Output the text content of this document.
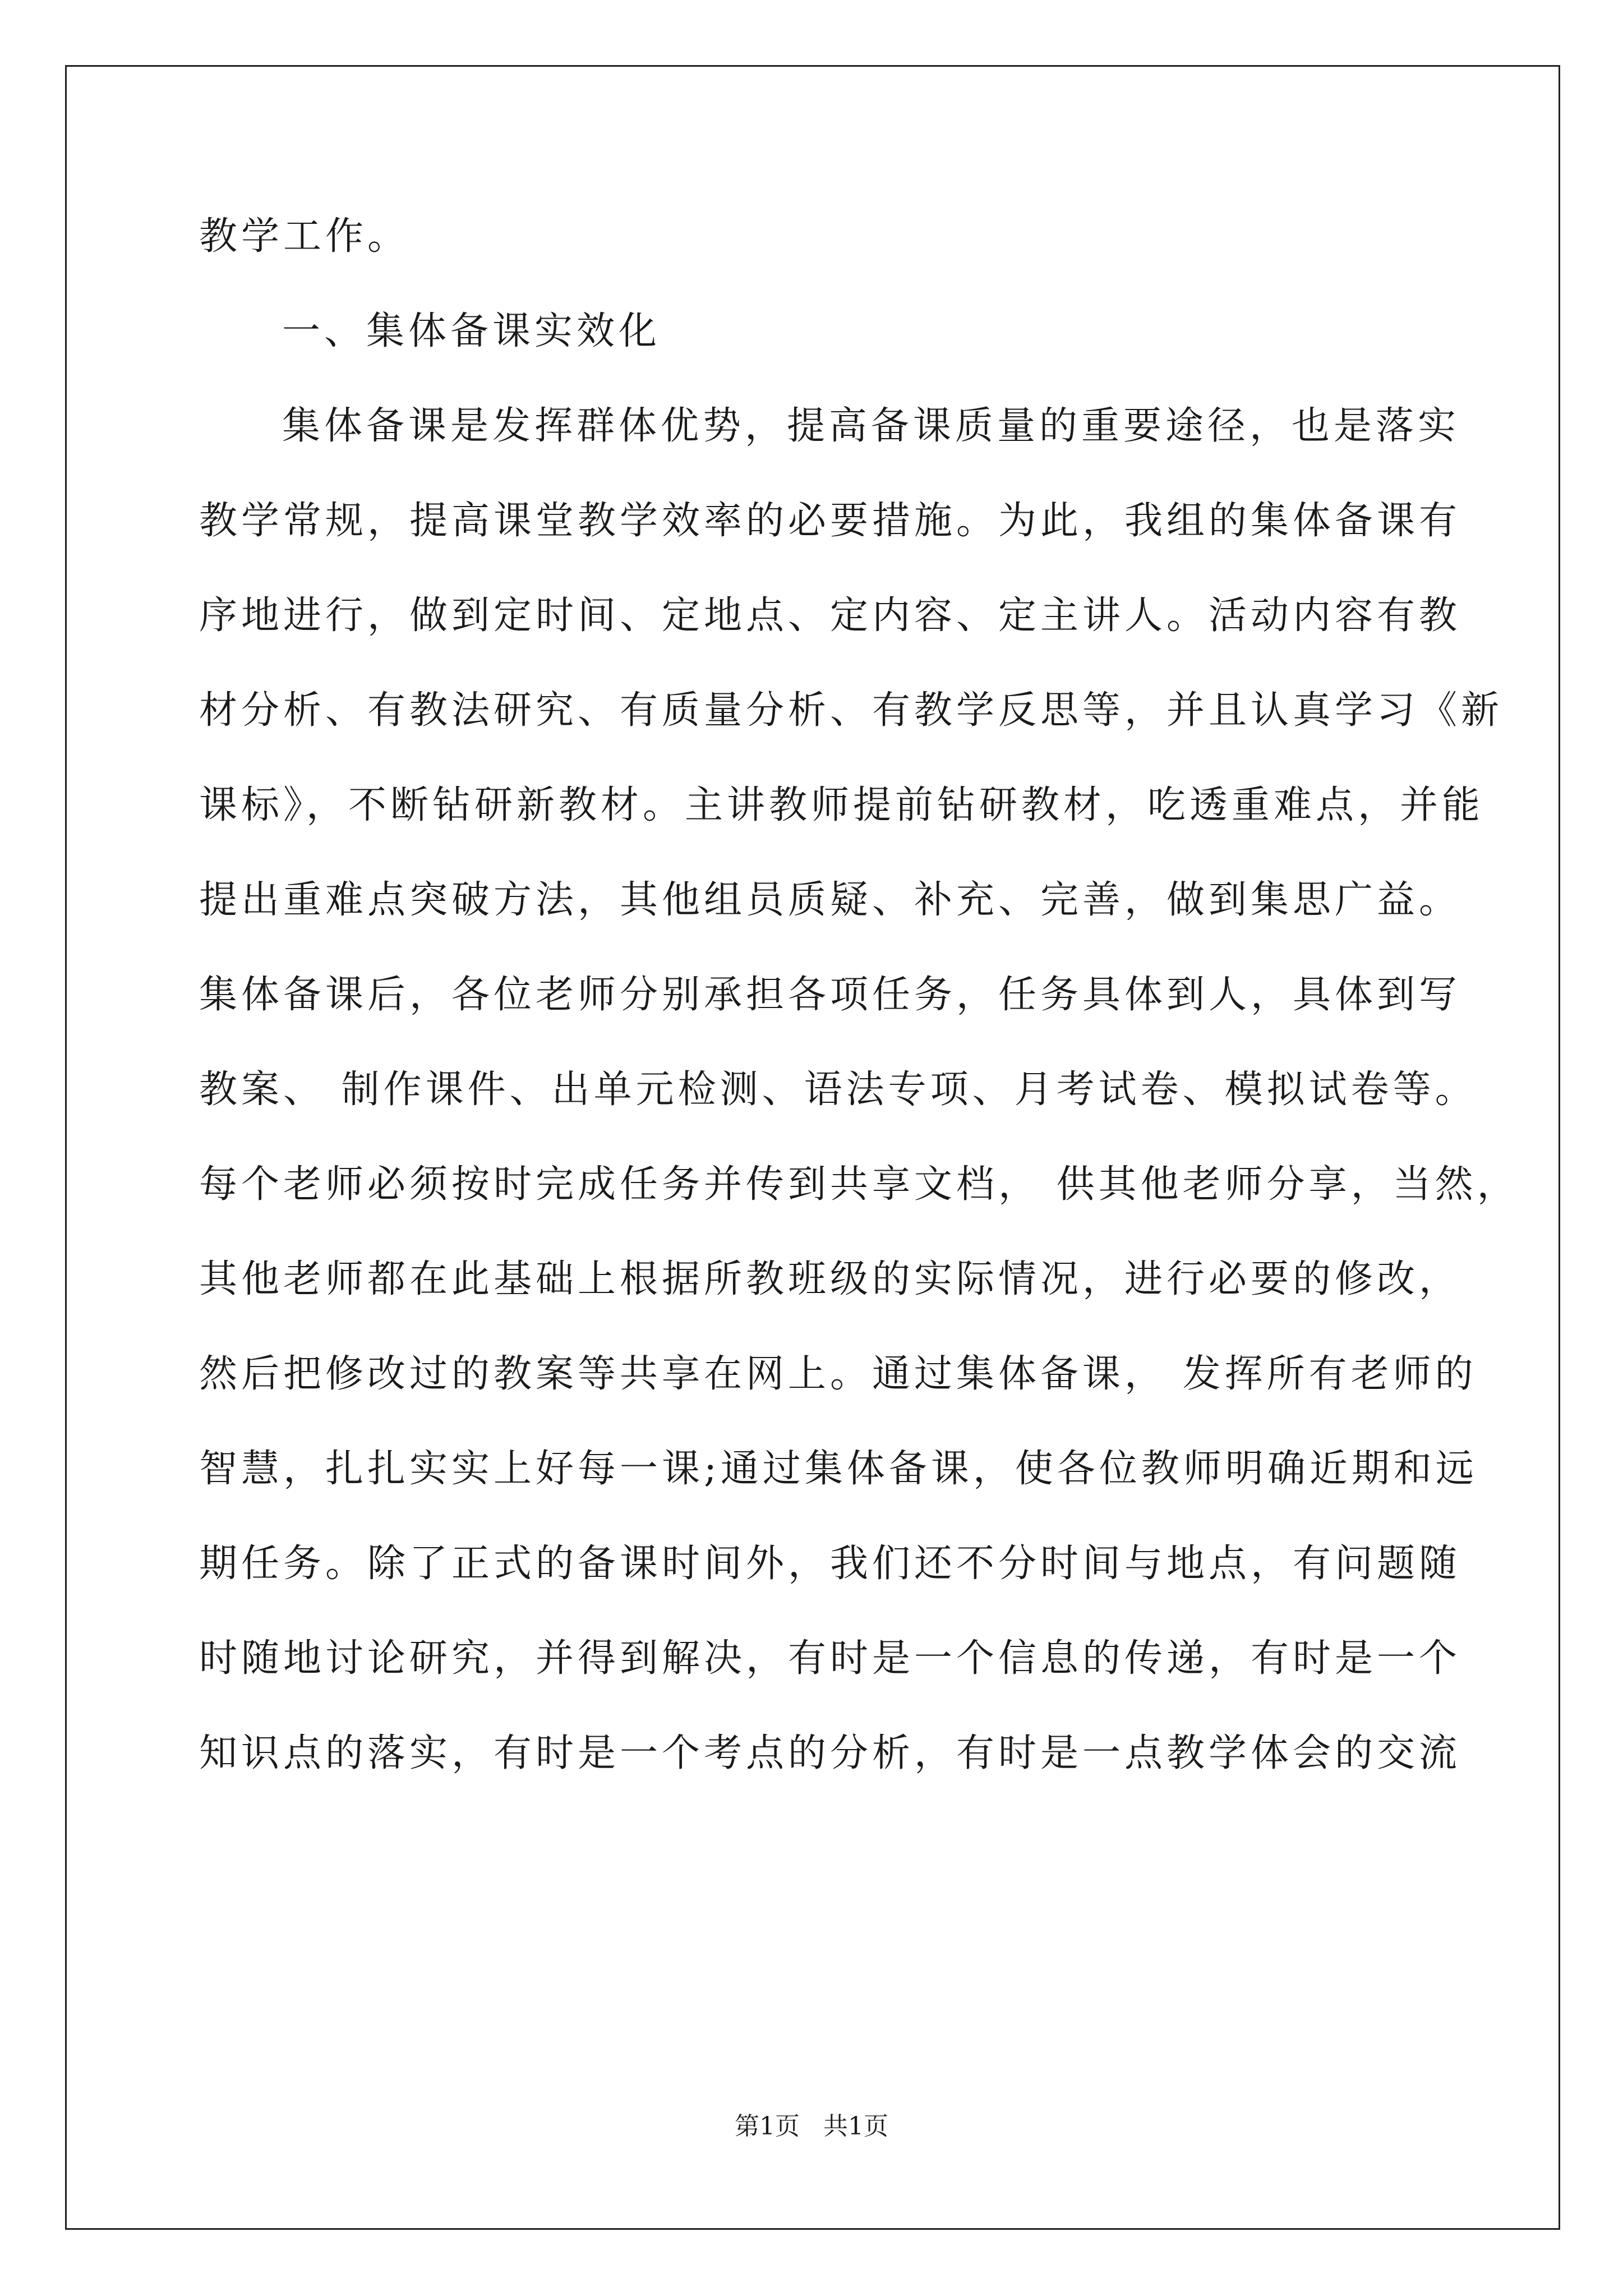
教学工作。
一、集体备课实效化
集体备课是发挥群体优势，提高备课质量的重要途径，也是落实
教学常规，提高课堂教学效率的必要措施。为此，我组的集体备课有
序地进行，做到定时间、定地点、定内容、定主讲人。活动内容有教
材分析、有教法研究、有质量分析、有教学反思等，并且认真学习《新
课标》，不断钻研新教材。主讲教师提前钻研教材，吃透重难点，并能
提出重难点突破方法，其他组员质疑、补充、完善，做到集思广益。
集体备课后，各位老师分别承担各项任务，任务具体到人，具体到写
教案、 制作课件、出单元检测、语法专项、月考试卷、模拟试卷等。
每个老师必须按时完成任务并传到共享文档， 供其他老师分享，当然，
其他老师都在此基础上根据所教班级的实际情况，进行必要的修改，
然后把修改过的教案等共享在网上。通过集体备课， 发挥所有老师的
智慧，扎扎实实上好每一课;通过集体备课，使各位教师明确近期和远
期任务。除了正式的备课时间外，我们还不分时间与地点，有问题随
时随地讨论研究，并得到解决，有时是一个信息的传递，有时是一个
知识点的落实，有时是一个考点的分析，有时是一点教学体会的交流
第1页   共1页
